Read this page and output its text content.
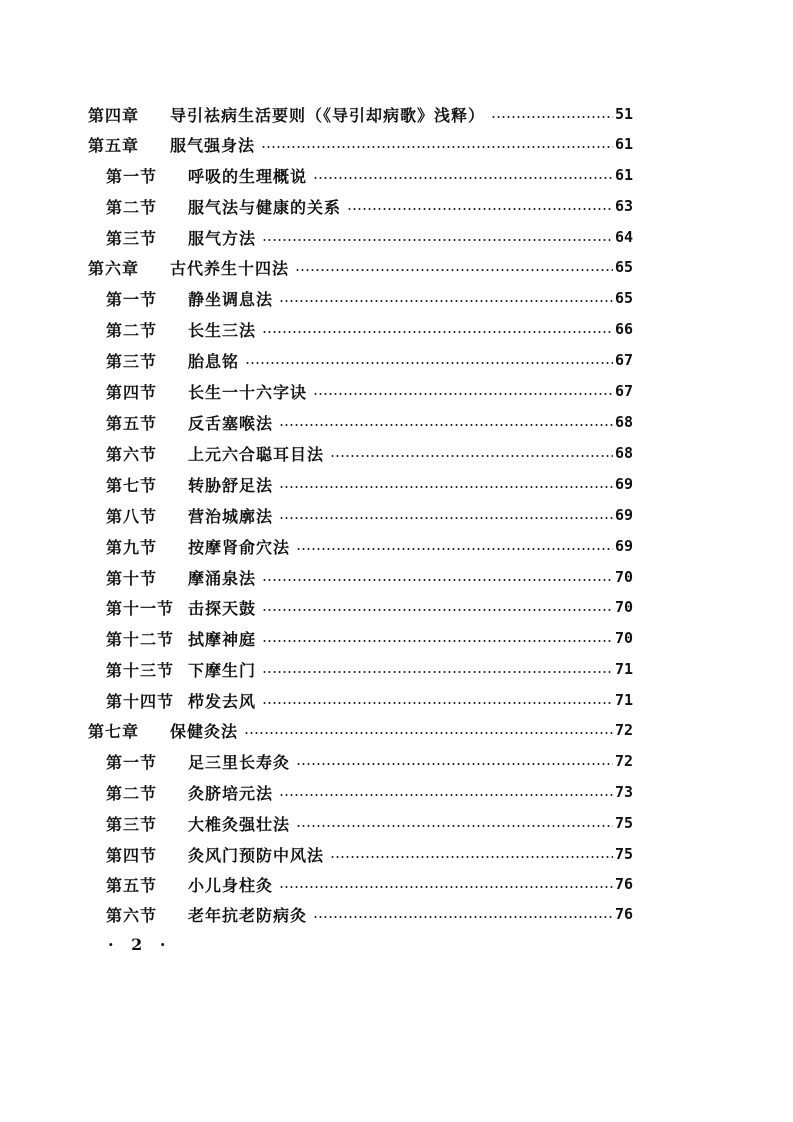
第四章	导引祛病生活要则（《导引却病歌》浅释）	51
第五章	服气强身法	61
第一节	呼吸的生理概说	61
第二节	服气法与健康的关系	63
第三节	服气方法	64
第六章	古代养生十四法	65
第一节	静坐调息法	65
第二节	长生三法	66
第三节	胎息铭	67
第四节	长生一十六字诀	67
第五节	反舌塞喉法	68
第六节	上元六合聪耳目法	68
第七节	转胁舒足法	69
第八节	营治城廓法	69
第九节	按摩肾俞穴法	69
第十节	摩涌泉法	70
第十一节 击探天鼓	70
第十二节 拭摩神庭	70
第十三节 下摩生门	71
第十四节 栉发去风	71
第七章	保健灸法	72
第一节	足三里长寿灸	72
第二节	灸脐培元法	73
第三节	大椎灸强壮法	75
第四节	灸风门预防中风法	75
第五节	小儿身柱灸	76
第六节	老年抗老防病灸	76
· 2 ·
